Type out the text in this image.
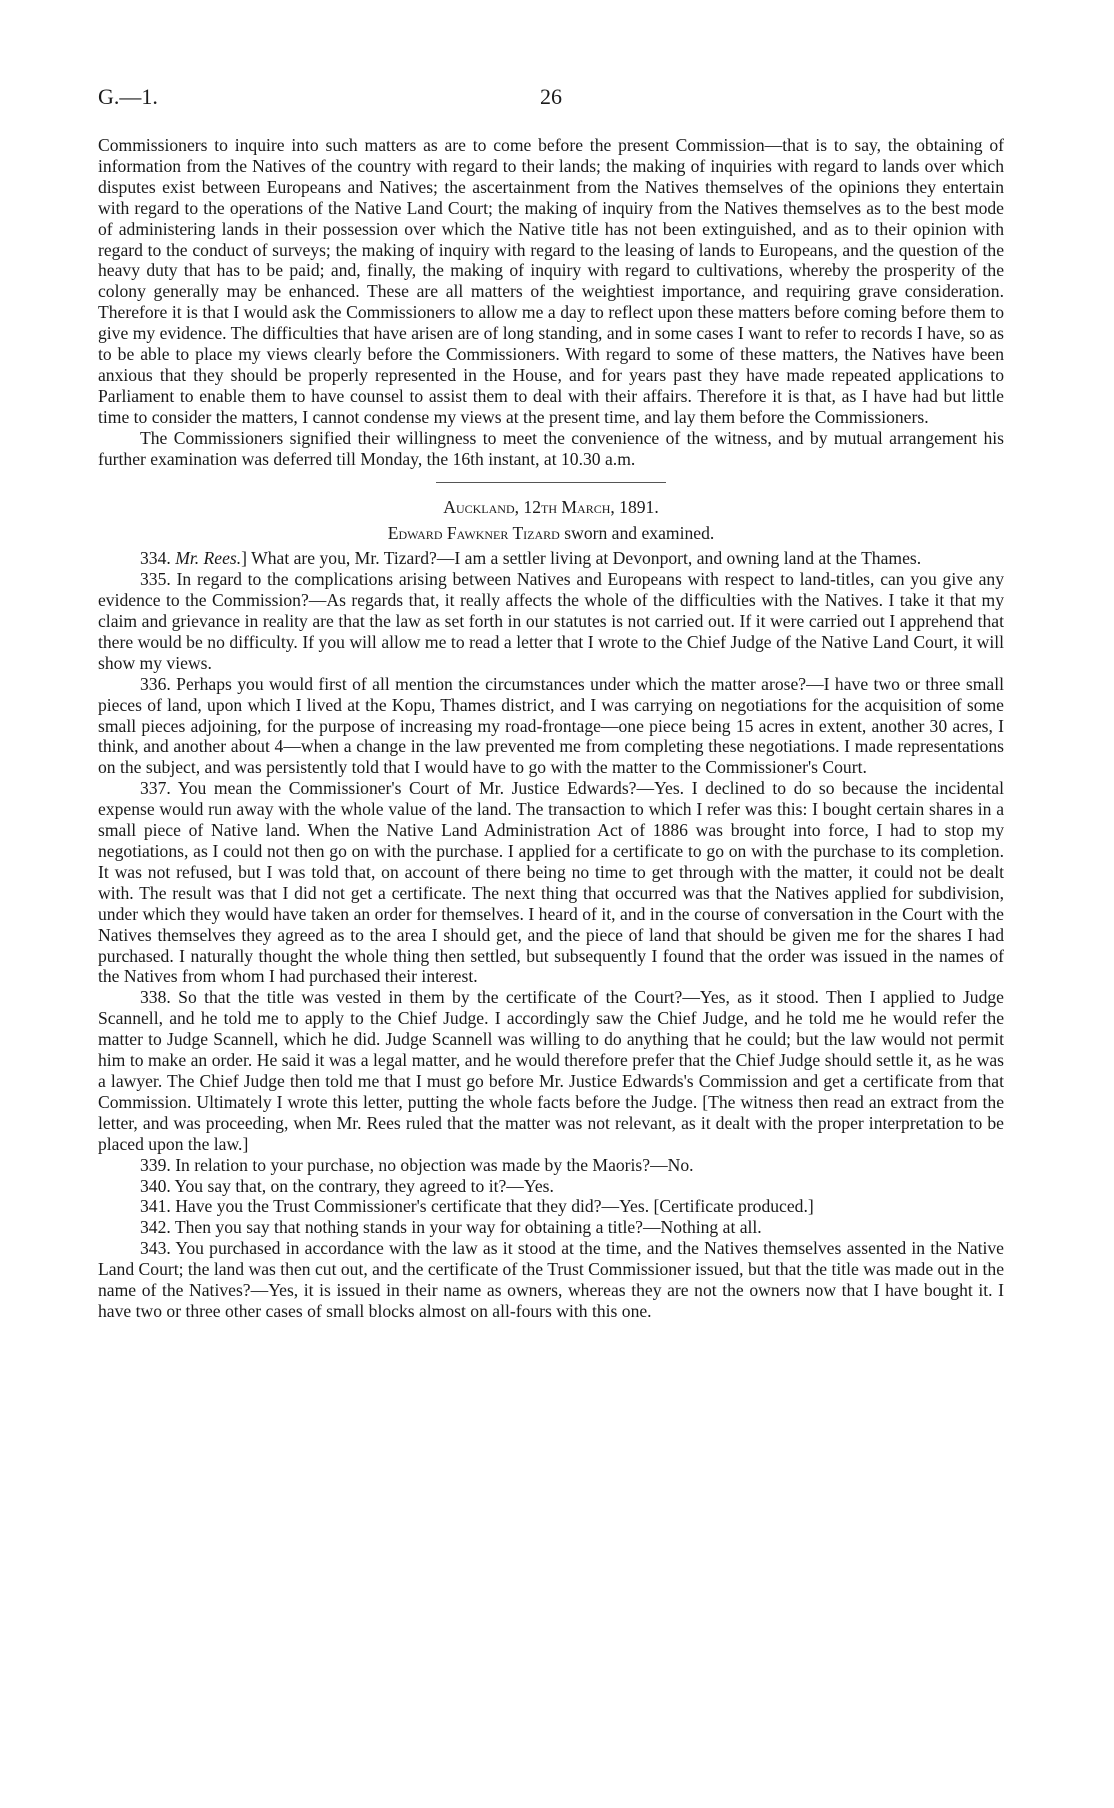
G.—1.	26

Commissioners to inquire into such matters as are to come before the present Commission—that is to say, the obtaining of information from the Natives of the country with regard to their lands; the making of inquiries with regard to lands over which disputes exist between Europeans and Natives; the ascertainment from the Natives themselves of the opinions they entertain with regard to the operations of the Native Land Court; the making of inquiry from the Natives themselves as to the best mode of administering lands in their possession over which the Native title has not been extinguished, and as to their opinion with regard to the conduct of surveys; the making of inquiry with regard to the leasing of lands to Europeans, and the question of the heavy duty that has to be paid; and, finally, the making of inquiry with regard to cultivations, whereby the prosperity of the colony generally may be enhanced. These are all matters of the weightiest importance, and requiring grave consideration. Therefore it is that I would ask the Commissioners to allow me a day to reflect upon these matters before coming before them to give my evidence. The difficulties that have arisen are of long standing, and in some cases I want to refer to records I have, so as to be able to place my views clearly before the Commissioners. With regard to some of these matters, the Natives have been anxious that they should be properly represented in the House, and for years past they have made repeated applications to Parliament to enable them to have counsel to assist them to deal with their affairs. Therefore it is that, as I have had but little time to consider the matters, I cannot condense my views at the present time, and lay them before the Commissioners.

The Commissioners signified their willingness to meet the convenience of the witness, and by mutual arrangement his further examination was deferred till Monday, the 16th instant, at 10.30 a.m.

Auckland, 12th March, 1891.

Edward Fawkner Tizard sworn and examined.

334. Mr. Rees.] What are you, Mr. Tizard?—I am a settler living at Devonport, and owning land at the Thames.

335. In regard to the complications arising between Natives and Europeans with respect to land-titles, can you give any evidence to the Commission?—As regards that, it really affects the whole of the difficulties with the Natives. I take it that my claim and grievance in reality are that the law as set forth in our statutes is not carried out. If it were carried out I apprehend that there would be no difficulty. If you will allow me to read a letter that I wrote to the Chief Judge of the Native Land Court, it will show my views.

336. Perhaps you would first of all mention the circumstances under which the matter arose?—I have two or three small pieces of land, upon which I lived at the Kopu, Thames district, and I was carrying on negotiations for the acquisition of some small pieces adjoining, for the purpose of increasing my road-frontage—one piece being 15 acres in extent, another 30 acres, I think, and another about 4—when a change in the law prevented me from completing these negotiations. I made representations on the subject, and was persistently told that I would have to go with the matter to the Commissioner's Court.

337. You mean the Commissioner's Court of Mr. Justice Edwards?—Yes. I declined to do so because the incidental expense would run away with the whole value of the land. The transaction to which I refer was this: I bought certain shares in a small piece of Native land. When the Native Land Administration Act of 1886 was brought into force, I had to stop my negotiations, as I could not then go on with the purchase. I applied for a certificate to go on with the purchase to its completion. It was not refused, but I was told that, on account of there being no time to get through with the matter, it could not be dealt with. The result was that I did not get a certificate. The next thing that occurred was that the Natives applied for subdivision, under which they would have taken an order for themselves. I heard of it, and in the course of conversation in the Court with the Natives themselves they agreed as to the area I should get, and the piece of land that should be given me for the shares I had purchased. I naturally thought the whole thing then settled, but subsequently I found that the order was issued in the names of the Natives from whom I had purchased their interest.

338. So that the title was vested in them by the certificate of the Court?—Yes, as it stood. Then I applied to Judge Scannell, and he told me to apply to the Chief Judge. I accordingly saw the Chief Judge, and he told me he would refer the matter to Judge Scannell, which he did. Judge Scannell was willing to do anything that he could; but the law would not permit him to make an order. He said it was a legal matter, and he would therefore prefer that the Chief Judge should settle it, as he was a lawyer. The Chief Judge then told me that I must go before Mr. Justice Edwards's Commission and get a certificate from that Commission. Ultimately I wrote this letter, putting the whole facts before the Judge. [The witness then read an extract from the letter, and was proceeding, when Mr. Rees ruled that the matter was not relevant, as it dealt with the proper interpretation to be placed upon the law.]

339. In relation to your purchase, no objection was made by the Maoris?—No.

340. You say that, on the contrary, they agreed to it?—Yes.

341. Have you the Trust Commissioner's certificate that they did?—Yes. [Certificate produced.]

342. Then you say that nothing stands in your way for obtaining a title?—Nothing at all.

343. You purchased in accordance with the law as it stood at the time, and the Natives themselves assented in the Native Land Court; the land was then cut out, and the certificate of the Trust Commissioner issued, but that the title was made out in the name of the Natives?—Yes, it is issued in their name as owners, whereas they are not the owners now that I have bought it. I have two or three other cases of small blocks almost on all-fours with this one.
